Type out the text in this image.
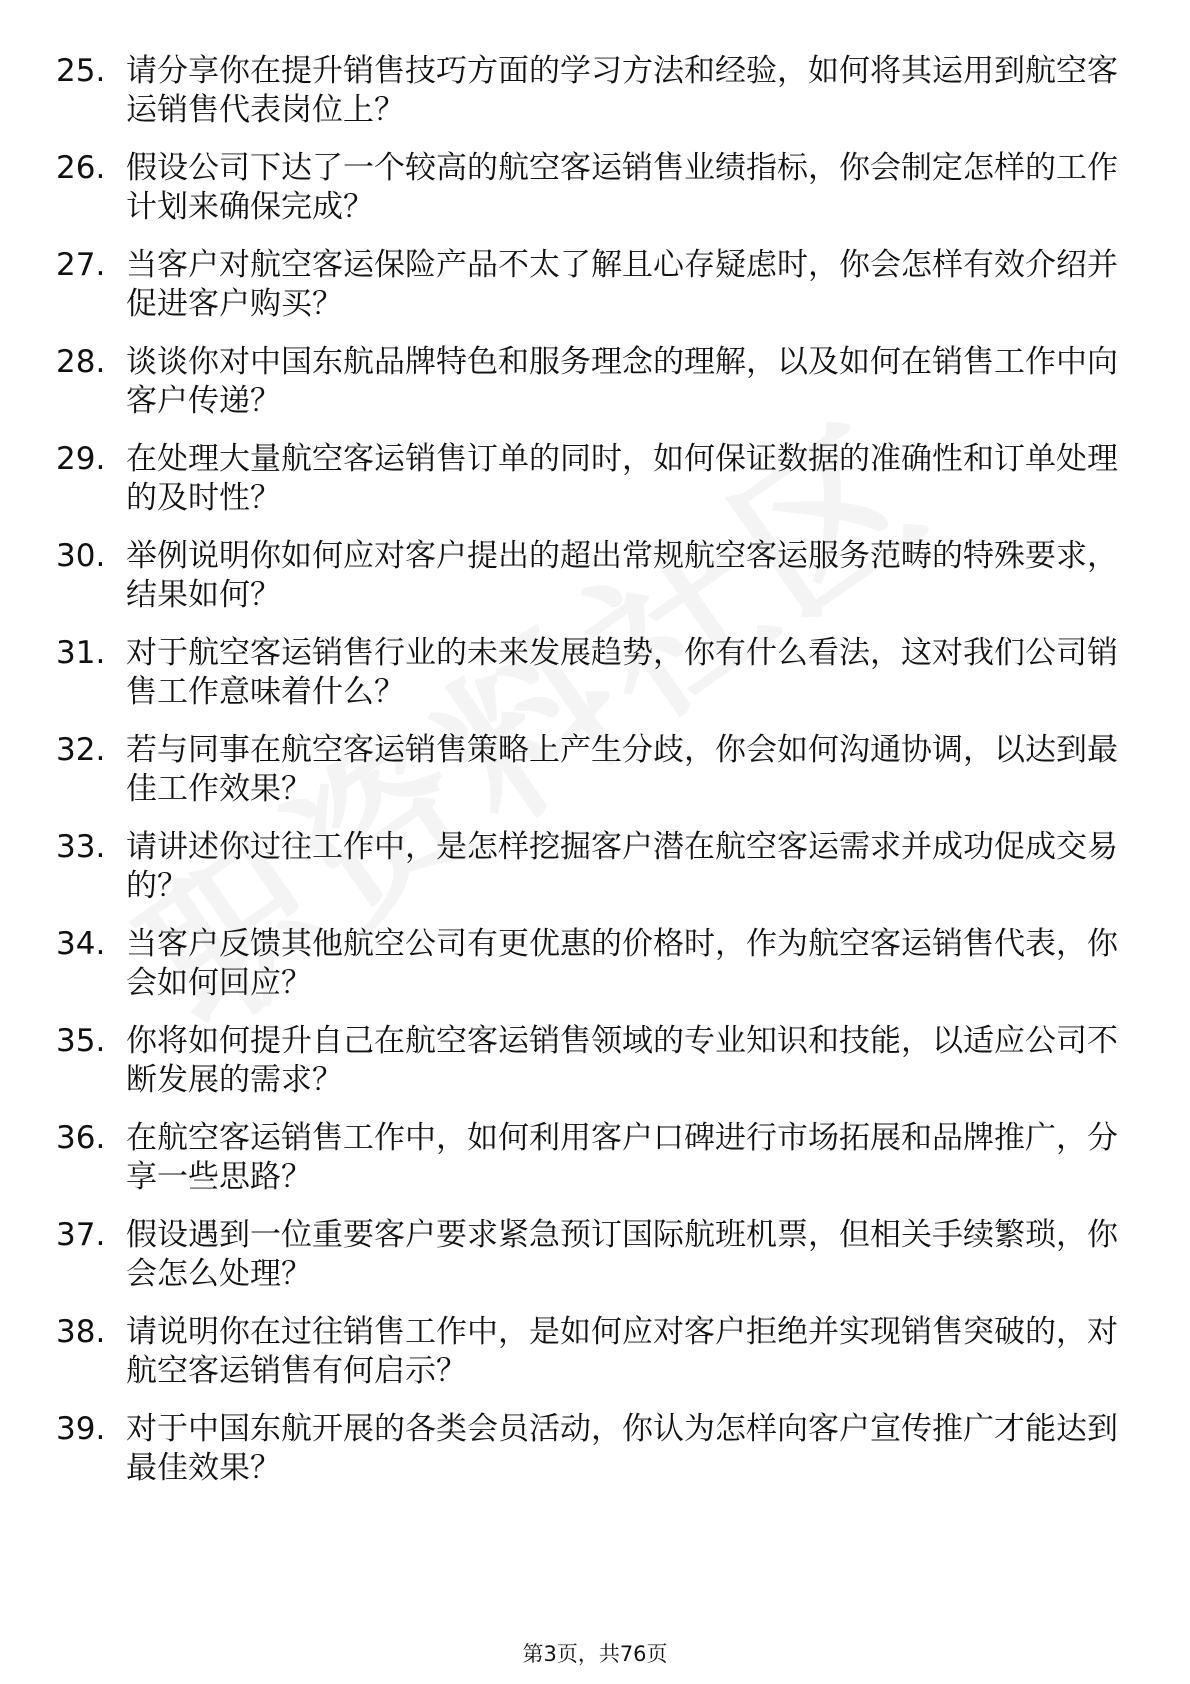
25. 请分享你在提升销售技巧方面的学习方法和经验，如何将其运用到航空客运销售代表岗位上？
26. 假设公司下达了一个较高的航空客运销售业绩指标，你会制定怎样的工作计划来确保完成？
27. 当客户对航空客运保险产品不太了解且心存疑虑时，你会怎样有效介绍并促进客户购买？
28. 谈谈你对中国东航品牌特色和服务理念的理解，以及如何在销售工作中向客户传递？
29. 在处理大量航空客运销售订单的同时，如何保证数据的准确性和订单处理的及时性？
30. 举例说明你如何应对客户提出的超出常规航空客运服务范畴的特殊要求，结果如何？
31. 对于航空客运销售行业的未来发展趋势，你有什么看法，这对我们公司销售工作意味着什么？
32. 若与同事在航空客运销售策略上产生分歧，你会如何沟通协调，以达到最佳工作效果？
33. 请讲述你过往工作中，是怎样挖掘客户潜在航空客运需求并成功促成交易的？
34. 当客户反馈其他航空公司有更优惠的价格时，作为航空客运销售代表，你会如何回应？
35. 你将如何提升自己在航空客运销售领域的专业知识和技能，以适应公司不断发展的需求？
36. 在航空客运销售工作中，如何利用客户口碑进行市场拓展和品牌推广，分享一些思路？
37. 假设遇到一位重要客户要求紧急预订国际航班机票，但相关手续繁琐，你会怎么处理？
38. 请说明你在过往销售工作中，是如何应对客户拒绝并实现销售突破的，对航空客运销售有何启示？
39. 对于中国东航开展的各类会员活动，你认为怎样向客户宣传推广才能达到最佳效果？
第3页，共76页
